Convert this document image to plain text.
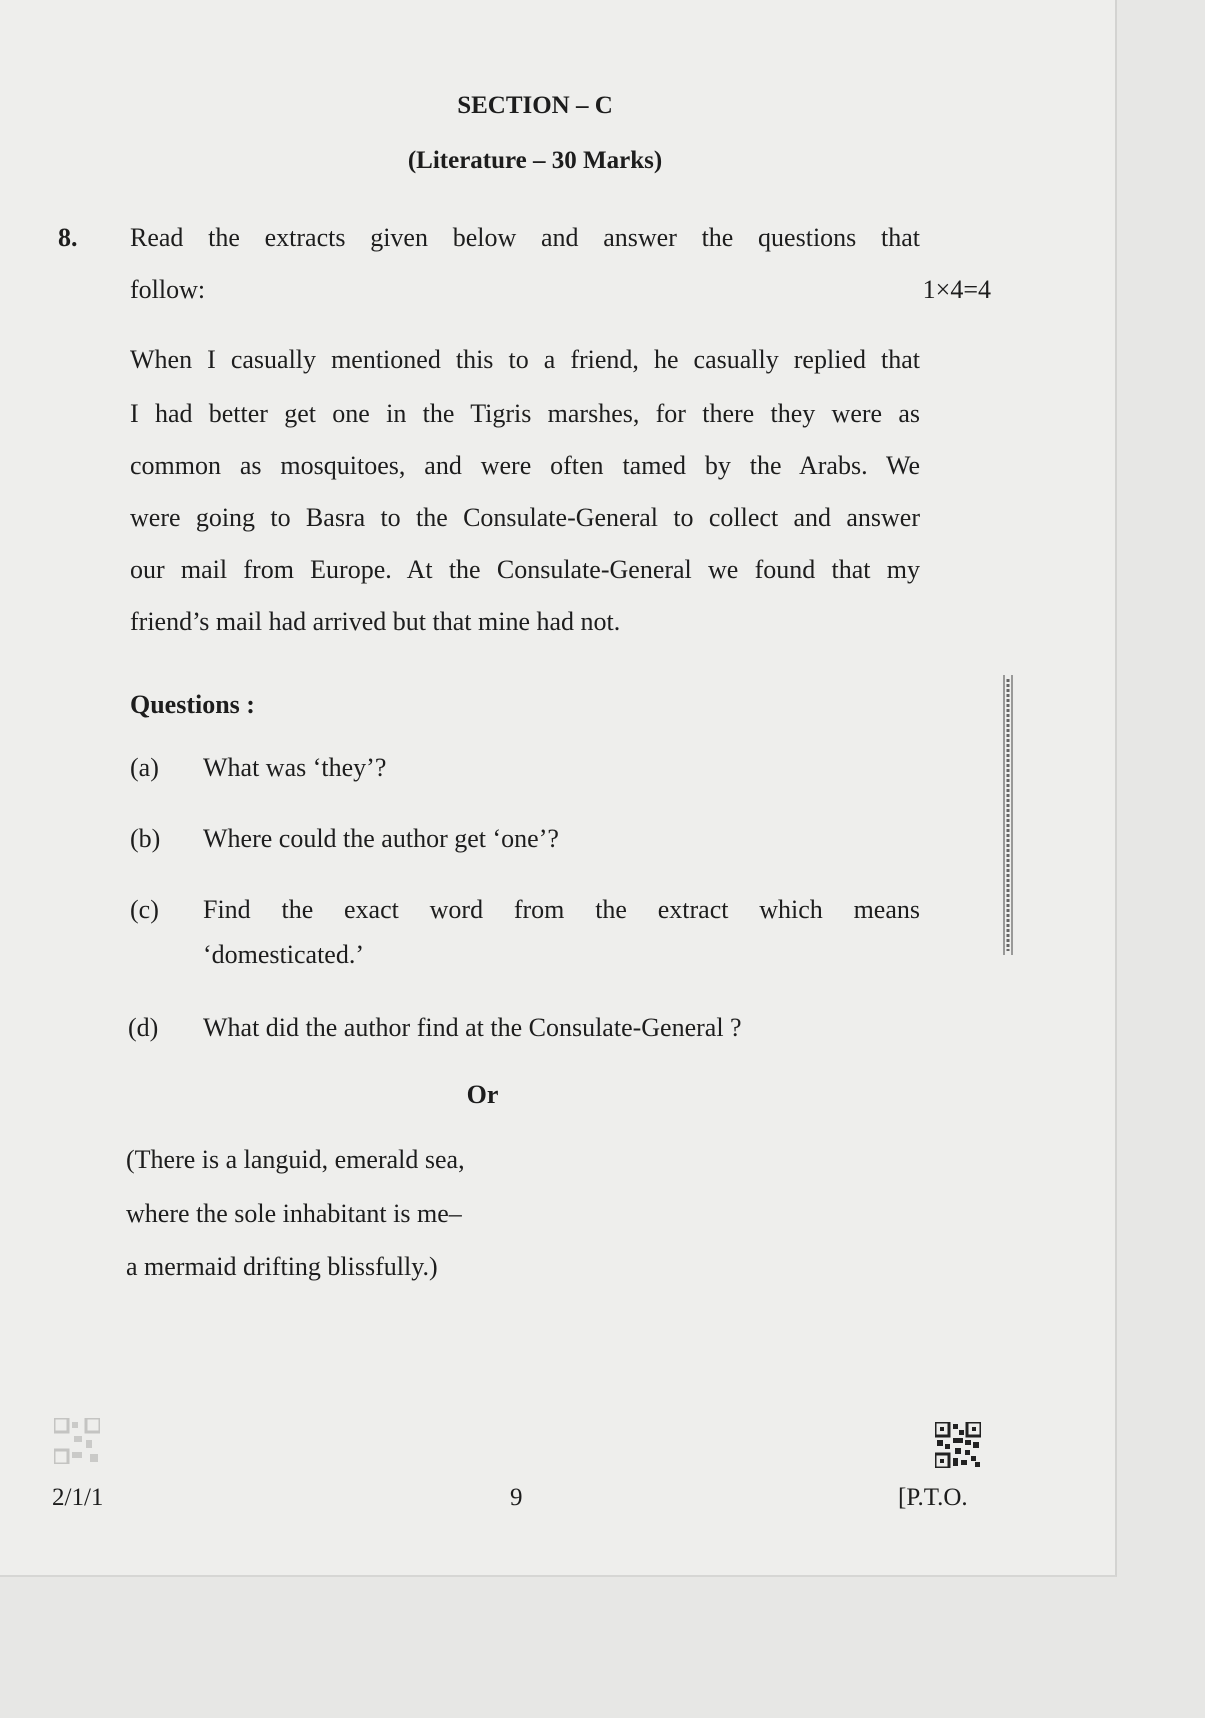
SECTION – C
(Literature – 30 Marks)
8. Read the extracts given below and answer the questions that
follow:	1×4=4
When I casually mentioned this to a friend, he casually replied that
I had better get one in the Tigris marshes, for there they were as
common as mosquitoes, and were often tamed by the Arabs. We
were going to Basra to the Consulate-General to collect and answer
our mail from Europe. At the Consulate-General we found that my
friend’s mail had arrived but that mine had not.
Questions :
(a) What was ‘they’?
(b) Where could the author get ‘one’?
(c) Find the exact word from the extract which means
‘domesticated.’
(d) What did the author find at the Consulate-General ?
Or
(There is a languid, emerald sea,
where the sole inhabitant is me–
a mermaid drifting blissfully.)
2/1/1	9	[P.T.O.
